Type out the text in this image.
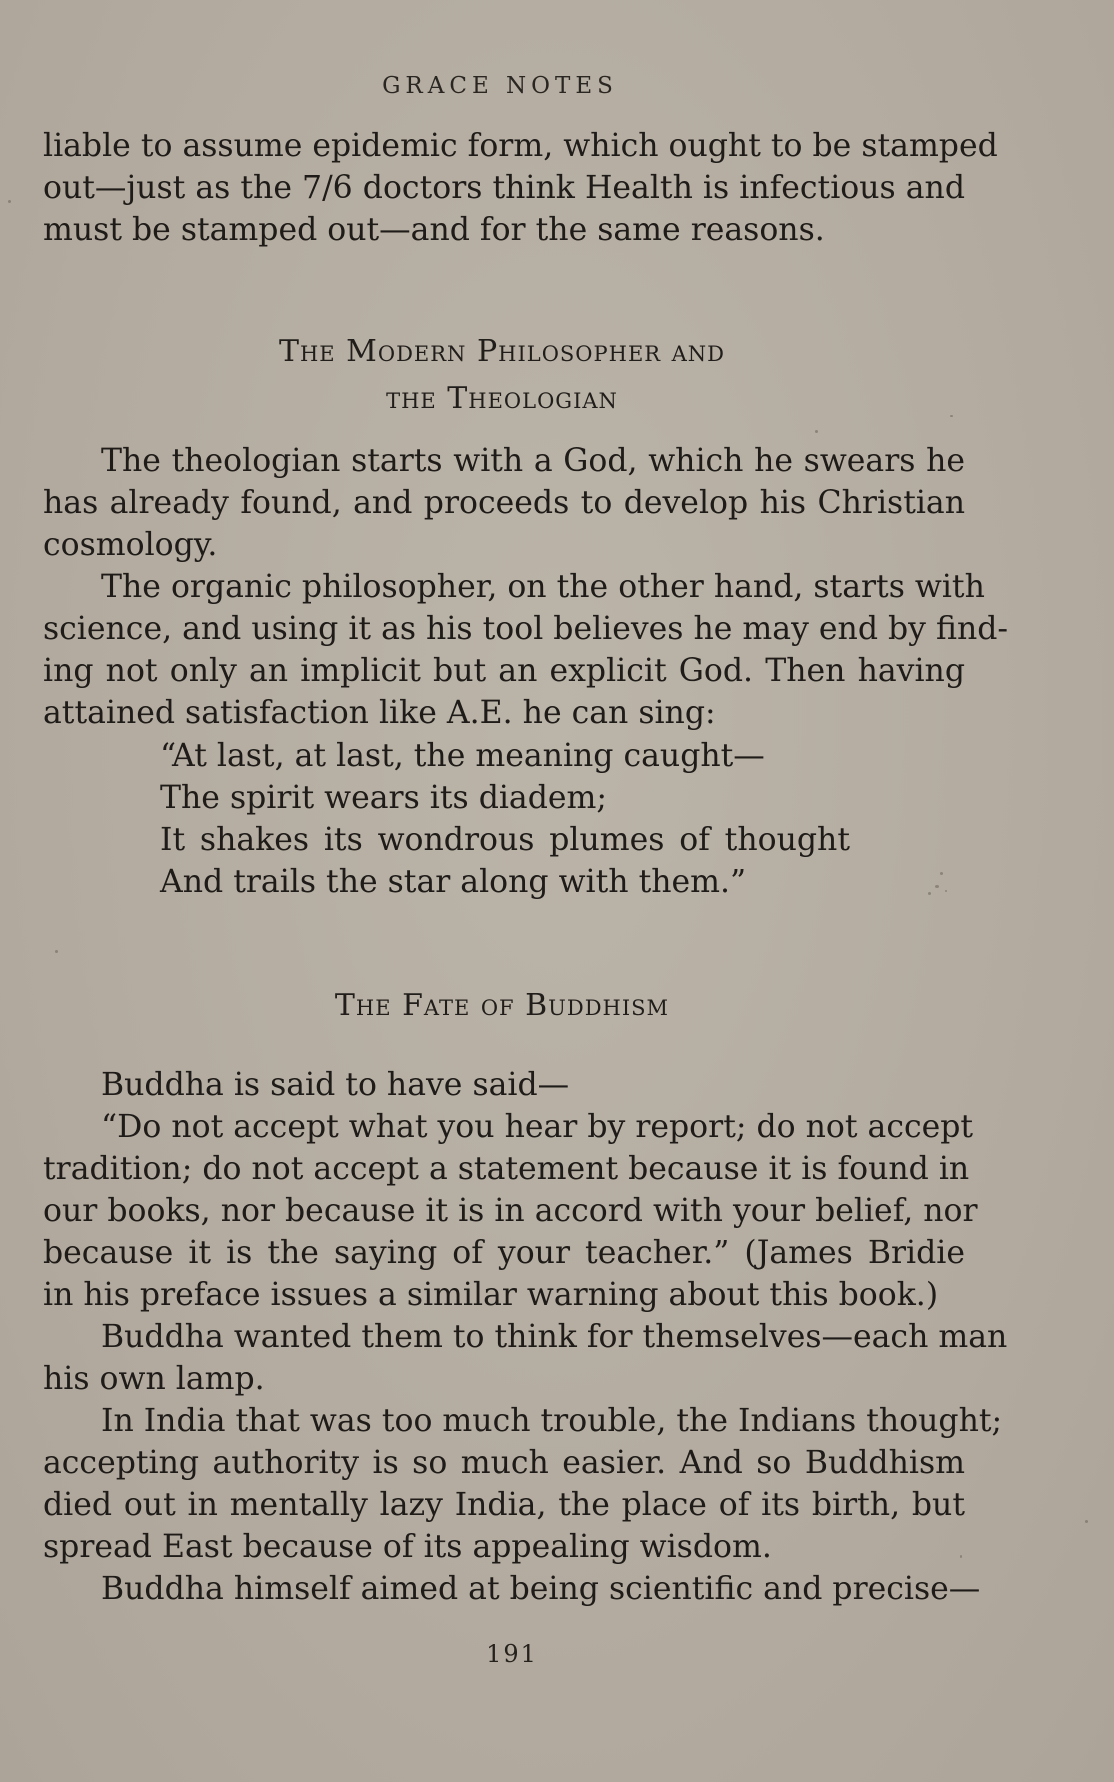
GRACE NOTES
liable to assume epidemic form, which ought to be stamped
out—just as the 7/6 doctors think Health is infectious and
must be stamped out—and for the same reasons.
The Modern Philosopher and
the Theologian
The theologian starts with a God, which he swears he
has already found, and proceeds to develop his Christian
cosmology.
The organic philosopher, on the other hand, starts with
science, and using it as his tool believes he may end by find-
ing not only an implicit but an explicit God. Then having
attained satisfaction like A.E. he can sing:
“At last, at last, the meaning caught—
The spirit wears its diadem;
It shakes its wondrous plumes of thought
And trails the star along with them.”
The Fate of Buddhism
Buddha is said to have said—
“Do not accept what you hear by report; do not accept
tradition; do not accept a statement because it is found in
our books, nor because it is in accord with your belief, nor
because it is the saying of your teacher.” (James Bridie
in his preface issues a similar warning about this book.)
Buddha wanted them to think for themselves—each man
his own lamp.
In India that was too much trouble, the Indians thought;
accepting authority is so much easier. And so Buddhism
died out in mentally lazy India, the place of its birth, but
spread East because of its appealing wisdom.
Buddha himself aimed at being scientific and precise—
191
